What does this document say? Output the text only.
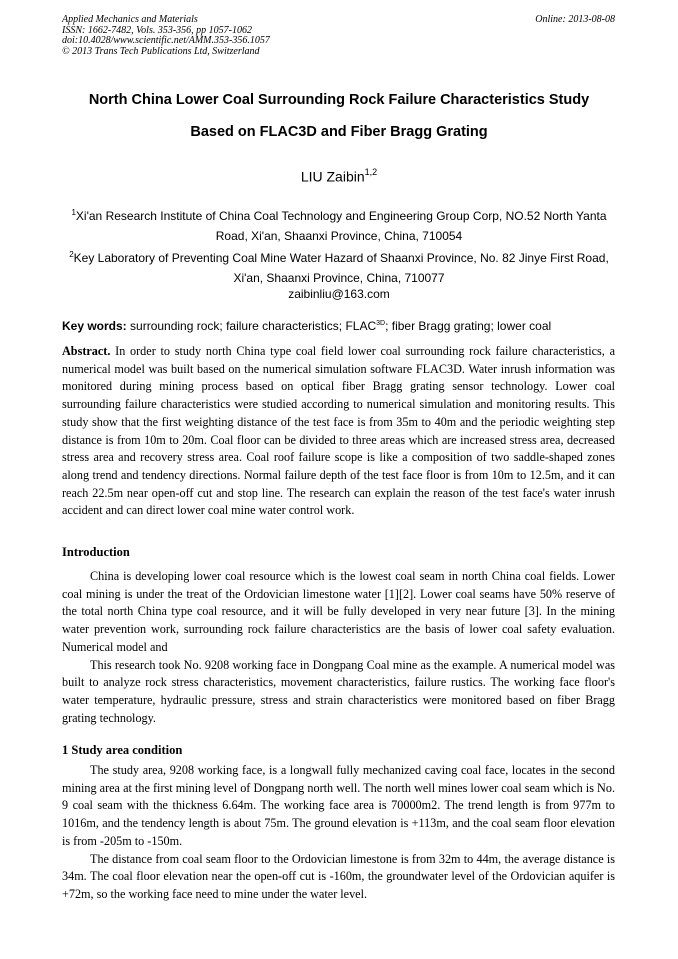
Applied Mechanics and Materials
ISSN: 1662-7482, Vols. 353-356, pp 1057-1062
doi:10.4028/www.scientific.net/AMM.353-356.1057
© 2013 Trans Tech Publications Ltd, Switzerland
Online: 2013-08-08
North China Lower Coal Surrounding Rock Failure Characteristics Study
Based on FLAC3D and Fiber Bragg Grating
LIU Zaibin$^{1,2}$
$^1$Xi'an Research Institute of China Coal Technology and Engineering Group Corp, NO.52 North Yanta Road, Xi'an, Shaanxi Province, China, 710054
$^2$Key Laboratory of Preventing Coal Mine Water Hazard of Shaanxi Province, No. 82 Jinye First Road, Xi'an, Shaanxi Province, China, 710077
zaibinliu@163.com
Key words: surrounding rock; failure characteristics; $FLAC^{3D}$; fiber Bragg grating; lower coal

Abstract. In order to study north China type coal field lower coal surrounding rock failure characteristics, a numerical model was built based on the numerical simulation software FLAC3D. Water inrush information was monitored during mining process based on optical fiber Bragg grating sensor technology. Lower coal surrounding failure characteristics were studied according to numerical simulation and monitoring results. This study show that the first weighting distance of the test face is from 35m to 40m and the periodic weighting step distance is from 10m to 20m. Coal floor can be divided to three areas which are increased stress area, decreased stress area and recovery stress area. Coal roof failure scope is like a composition of two saddle-shaped zones along trend and tendency directions. Normal failure depth of the test face floor is from 10m to 12.5m, and it can reach 22.5m near open-off cut and stop line. The research can explain the reason of the test face's water inrush accident and can direct lower coal mine water control work.

Introduction

China is developing lower coal resource which is the lowest coal seam in north China coal fields. Lower coal mining is under the treat of the Ordovician limestone water [1][2]. Lower coal seams have 50% reserve of the total north China type coal resource, and it will be fully developed in very near future [3]. In the mining water prevention work, surrounding rock failure characteristics are the basis of lower coal safety evaluation. Numerical model and

This research took No. 9208 working face in Dongpang Coal mine as the example. A numerical model was built to analyze rock stress characteristics, movement characteristics, failure rustics. The working face floor's water temperature, hydraulic pressure, stress and strain characteristics were monitored based on fiber Bragg grating technology.

1 Study area condition

The study area, 9208 working face, is a longwall fully mechanized caving coal face, locates in the second mining area at the first mining level of Dongpang north well. The north well mines lower coal seam which is No. 9 coal seam with the thickness 6.64m. The working face area is 70000m2. The trend length is from 977m to 1016m, and the tendency length is about 75m. The ground elevation is +113m, and the coal seam floor elevation is from -205m to -150m.

The distance from coal seam floor to the Ordovician limestone is from 32m to 44m, the average distance is 34m. The coal floor elevation near the open-off cut is -160m, the groundwater level of the Ordovician aquifer is +72m, so the working face need to mine under the water level.
